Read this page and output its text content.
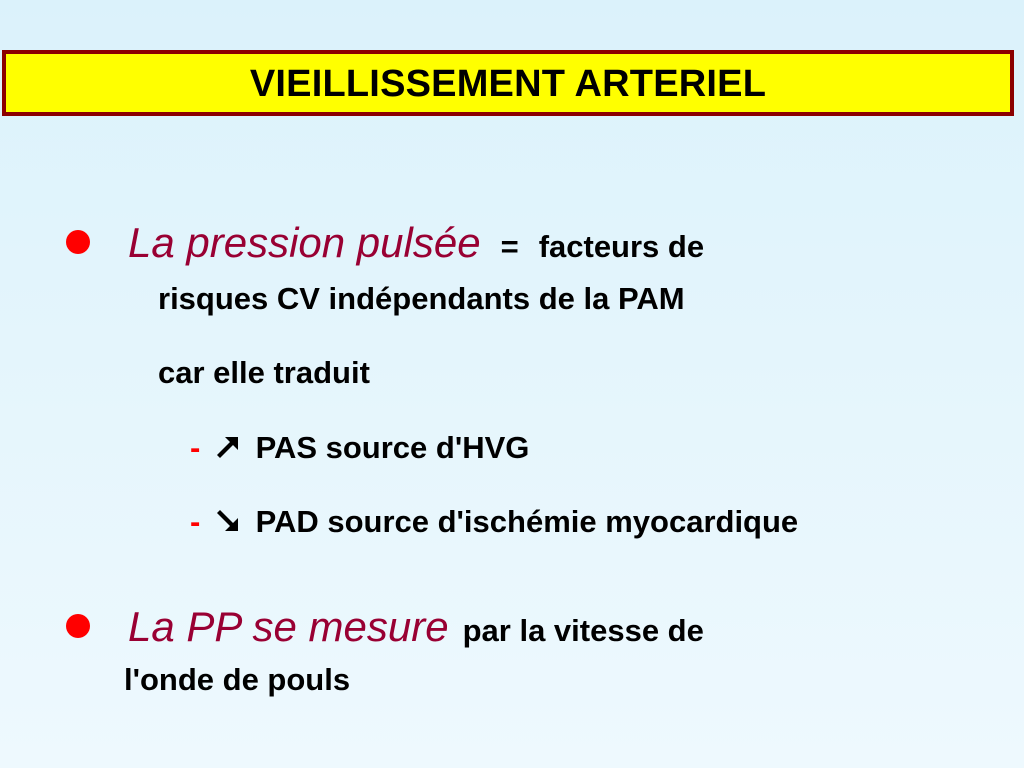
VIEILLISSEMENT ARTERIEL
La pression pulsée = facteurs de
risques CV indépendants de la PAM
car elle traduit
- PAS source d'HVG
- PAD source d'ischémie myocardique
La PP se mesure par la vitesse de
l'onde de pouls
